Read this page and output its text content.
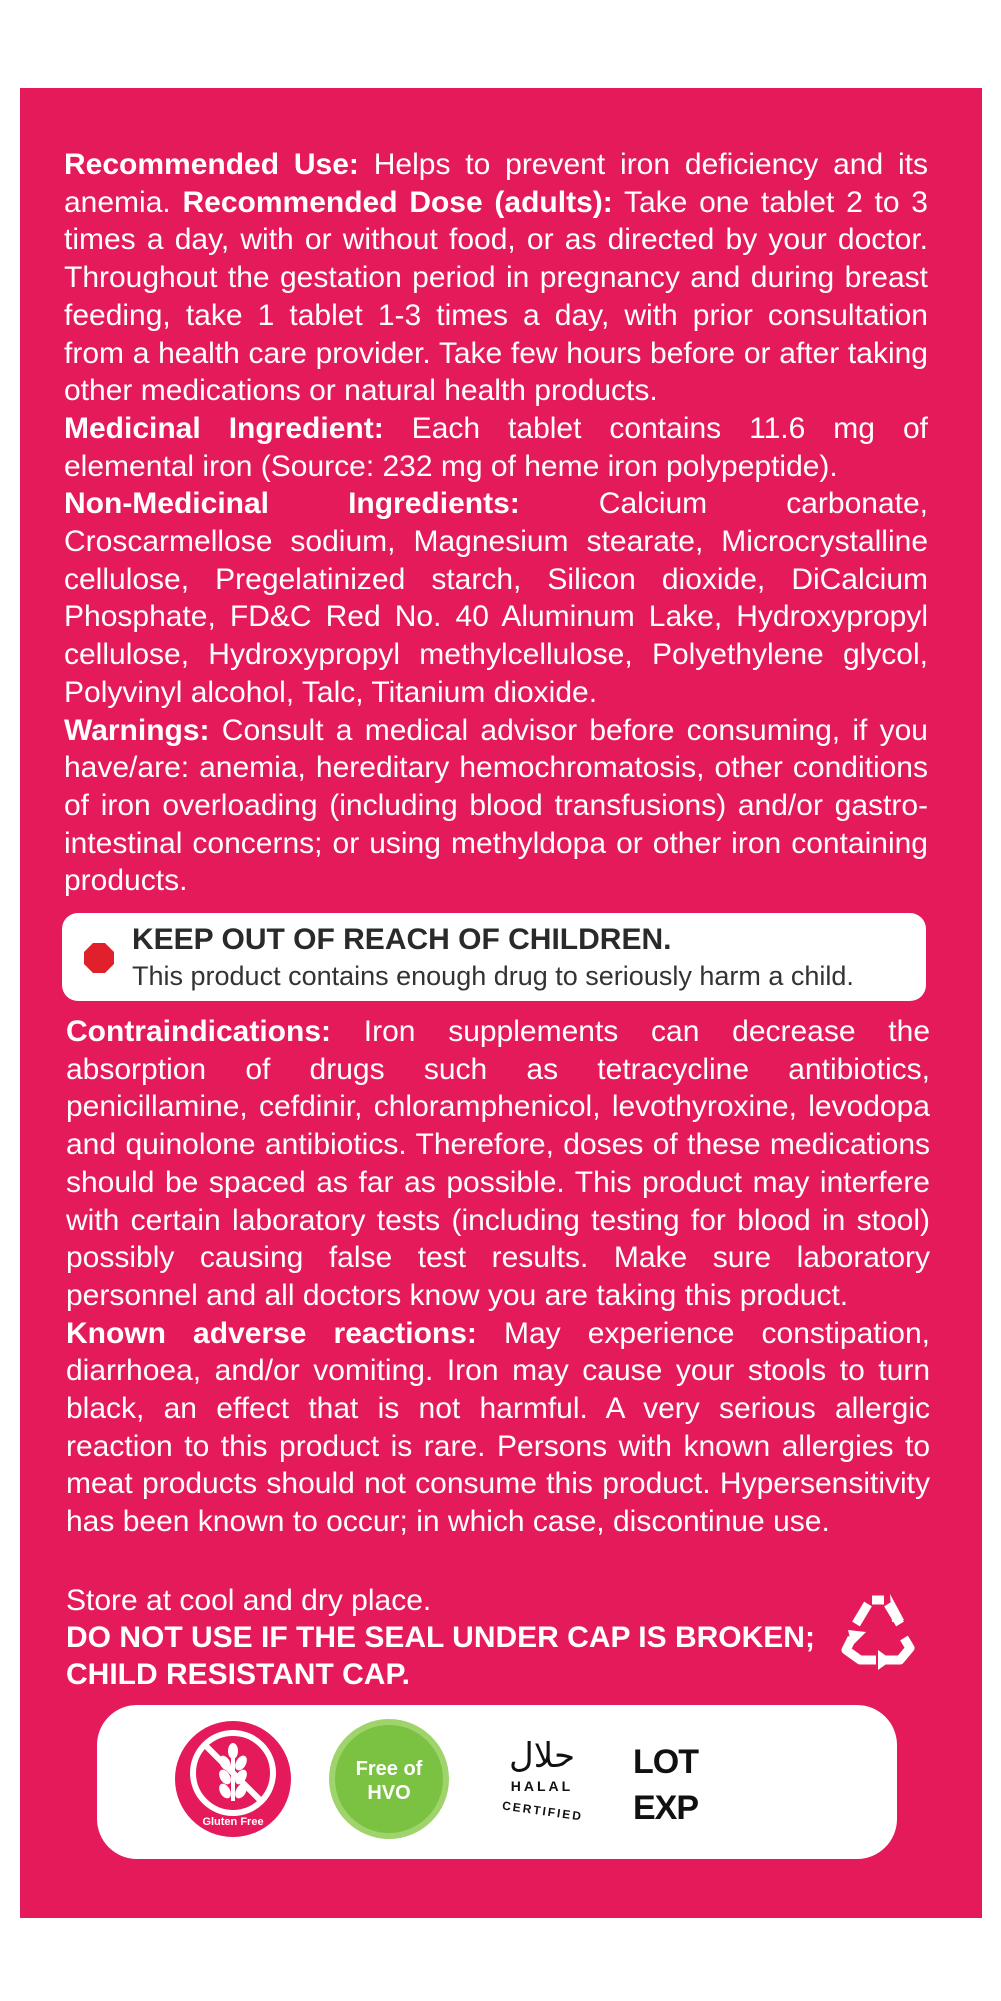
Recommended Use: Helps to prevent iron deficiency and its anemia. Recommended Dose (adults): Take one tablet 2 to 3 times a day, with or without food, or as directed by your doctor. Throughout the gestation period in pregnancy and during breast feeding, take 1 tablet 1-3 times a day, with prior consultation from a health care provider. Take few hours before or after taking other medications or natural health products.

Medicinal Ingredient: Each tablet contains 11.6 mg of elemental iron (Source: 232 mg of heme iron polypeptide).

Non-Medicinal Ingredients: Calcium carbonate, Croscarmellose sodium, Magnesium stearate, Microcrystalline cellulose, Pregelatinized starch, Silicon dioxide, DiCalcium Phosphate, FD&C Red No. 40 Aluminum Lake, Hydroxypropyl cellulose, Hydroxypropyl methylcellulose, Polyethylene glycol, Polyvinyl alcohol, Talc, Titanium dioxide.

Warnings: Consult a medical advisor before consuming, if you have/are: anemia, hereditary hemochromatosis, other conditions of iron overloading (including blood transfusions) and/or gastro-intestinal concerns; or using methyldopa or other iron containing products.

KEEP OUT OF REACH OF CHILDREN.
This product contains enough drug to seriously harm a child.

Contraindications: Iron supplements can decrease the absorption of drugs such as tetracycline antibiotics, penicillamine, cefdinir, chloramphenicol, levothyroxine, levodopa and quinolone antibiotics. Therefore, doses of these medications should be spaced as far as possible. This product may interfere with certain laboratory tests (including testing for blood in stool) possibly causing false test results. Make sure laboratory personnel and all doctors know you are taking this product.

Known adverse reactions: May experience constipation, diarrhoea, and/or vomiting. Iron may cause your stools to turn black, an effect that is not harmful. A very serious allergic reaction to this product is rare. Persons with known allergies to meat products should not consume this product. Hypersensitivity has been known to occur; in which case, discontinue use.

Store at cool and dry place.
DO NOT USE IF THE SEAL UNDER CAP IS BROKEN;
CHILD RESISTANT CAP.
Gluten Free
Free of
HVO
حلال
HALAL
CERTIFIED
LOT
EXP
